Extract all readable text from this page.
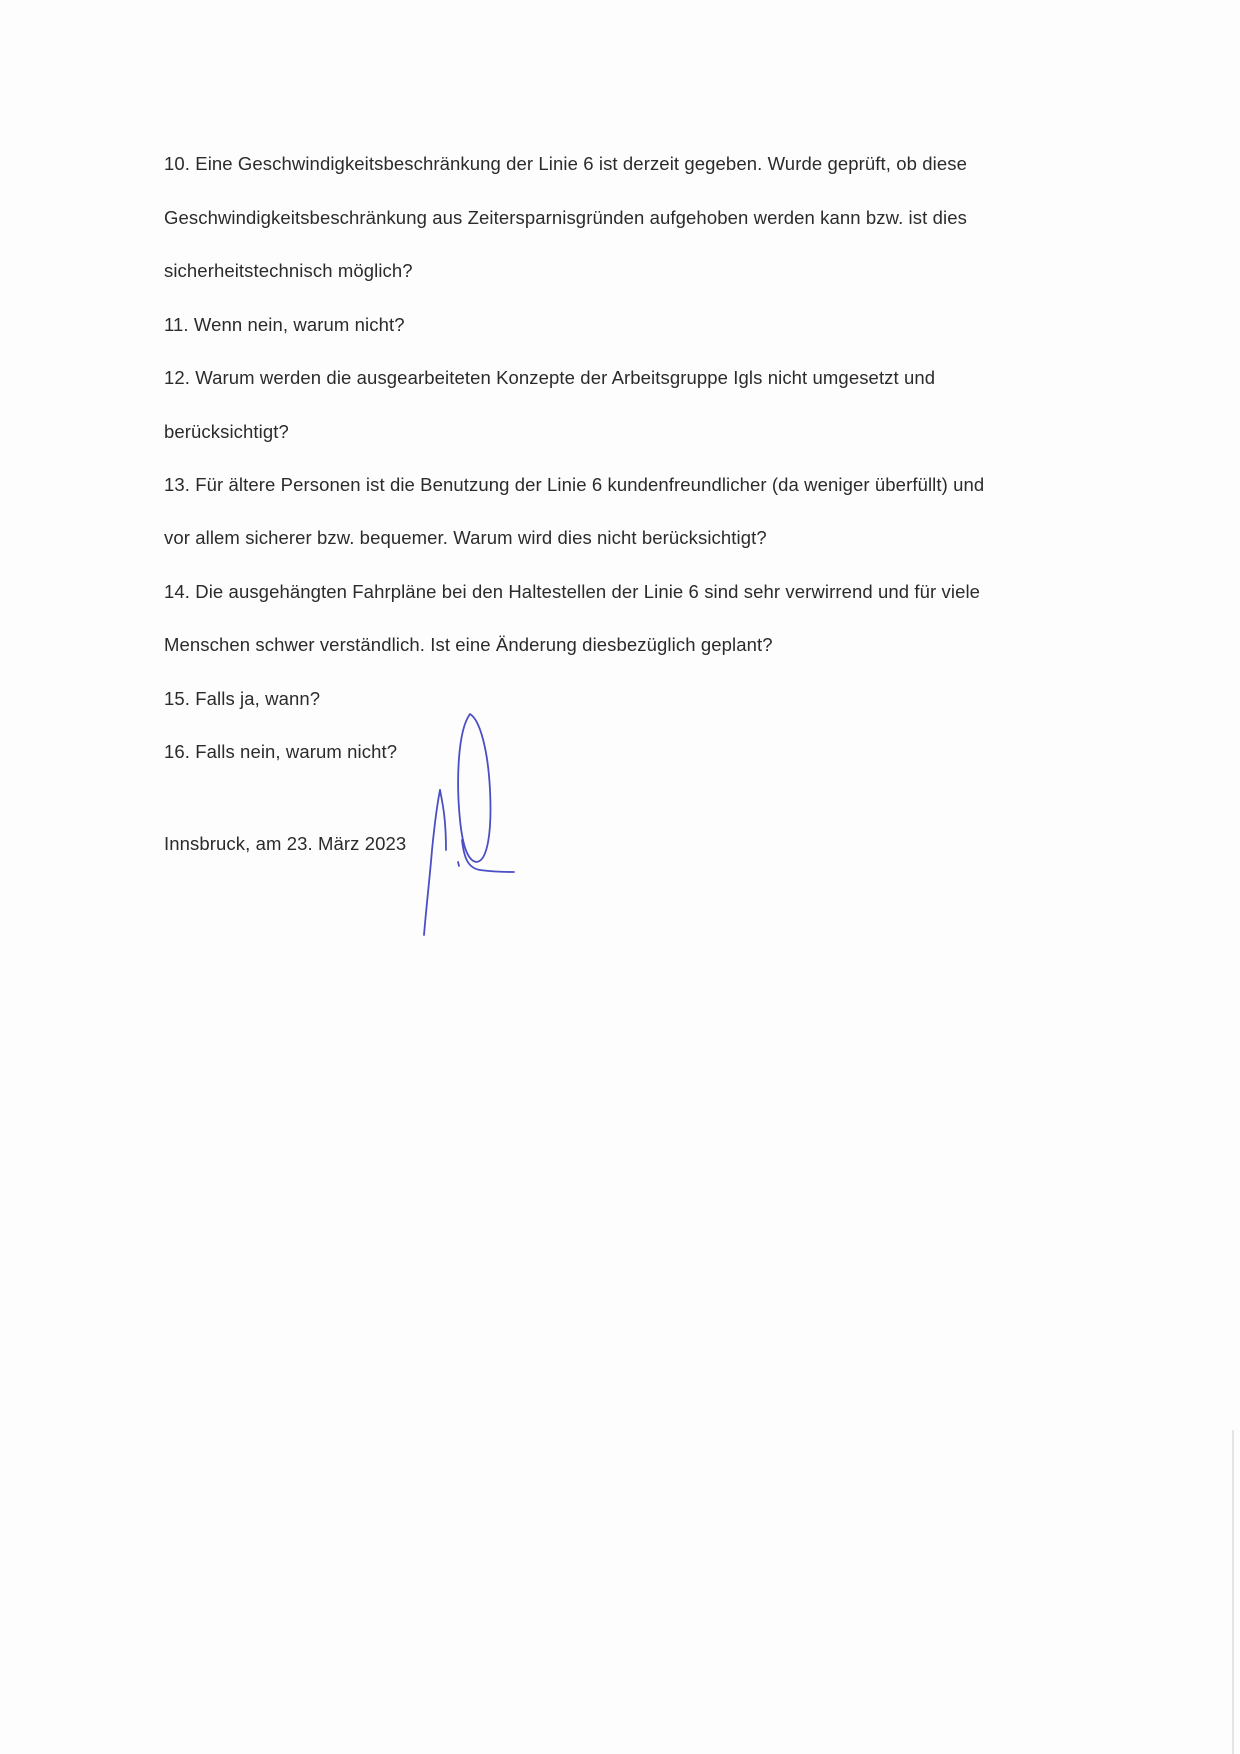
10. Eine Geschwindigkeitsbeschränkung der Linie 6 ist derzeit gegeben. Wurde geprüft, ob diese
Geschwindigkeitsbeschränkung aus Zeitersparnisgründen aufgehoben werden kann bzw. ist dies
sicherheitstechnisch möglich?
11. Wenn nein, warum nicht?
12. Warum werden die ausgearbeiteten Konzepte der Arbeitsgruppe Igls nicht umgesetzt und
berücksichtigt?
13. Für ältere Personen ist die Benutzung der Linie 6 kundenfreundlicher (da weniger überfüllt) und
vor allem sicherer bzw. bequemer. Warum wird dies nicht berücksichtigt?
14. Die ausgehängten Fahrpläne bei den Haltestellen der Linie 6 sind sehr verwirrend und für viele
Menschen schwer verständlich. Ist eine Änderung diesbezüglich geplant?
15. Falls ja, wann?
16. Falls nein, warum nicht?
Innsbruck, am 23. März 2023
